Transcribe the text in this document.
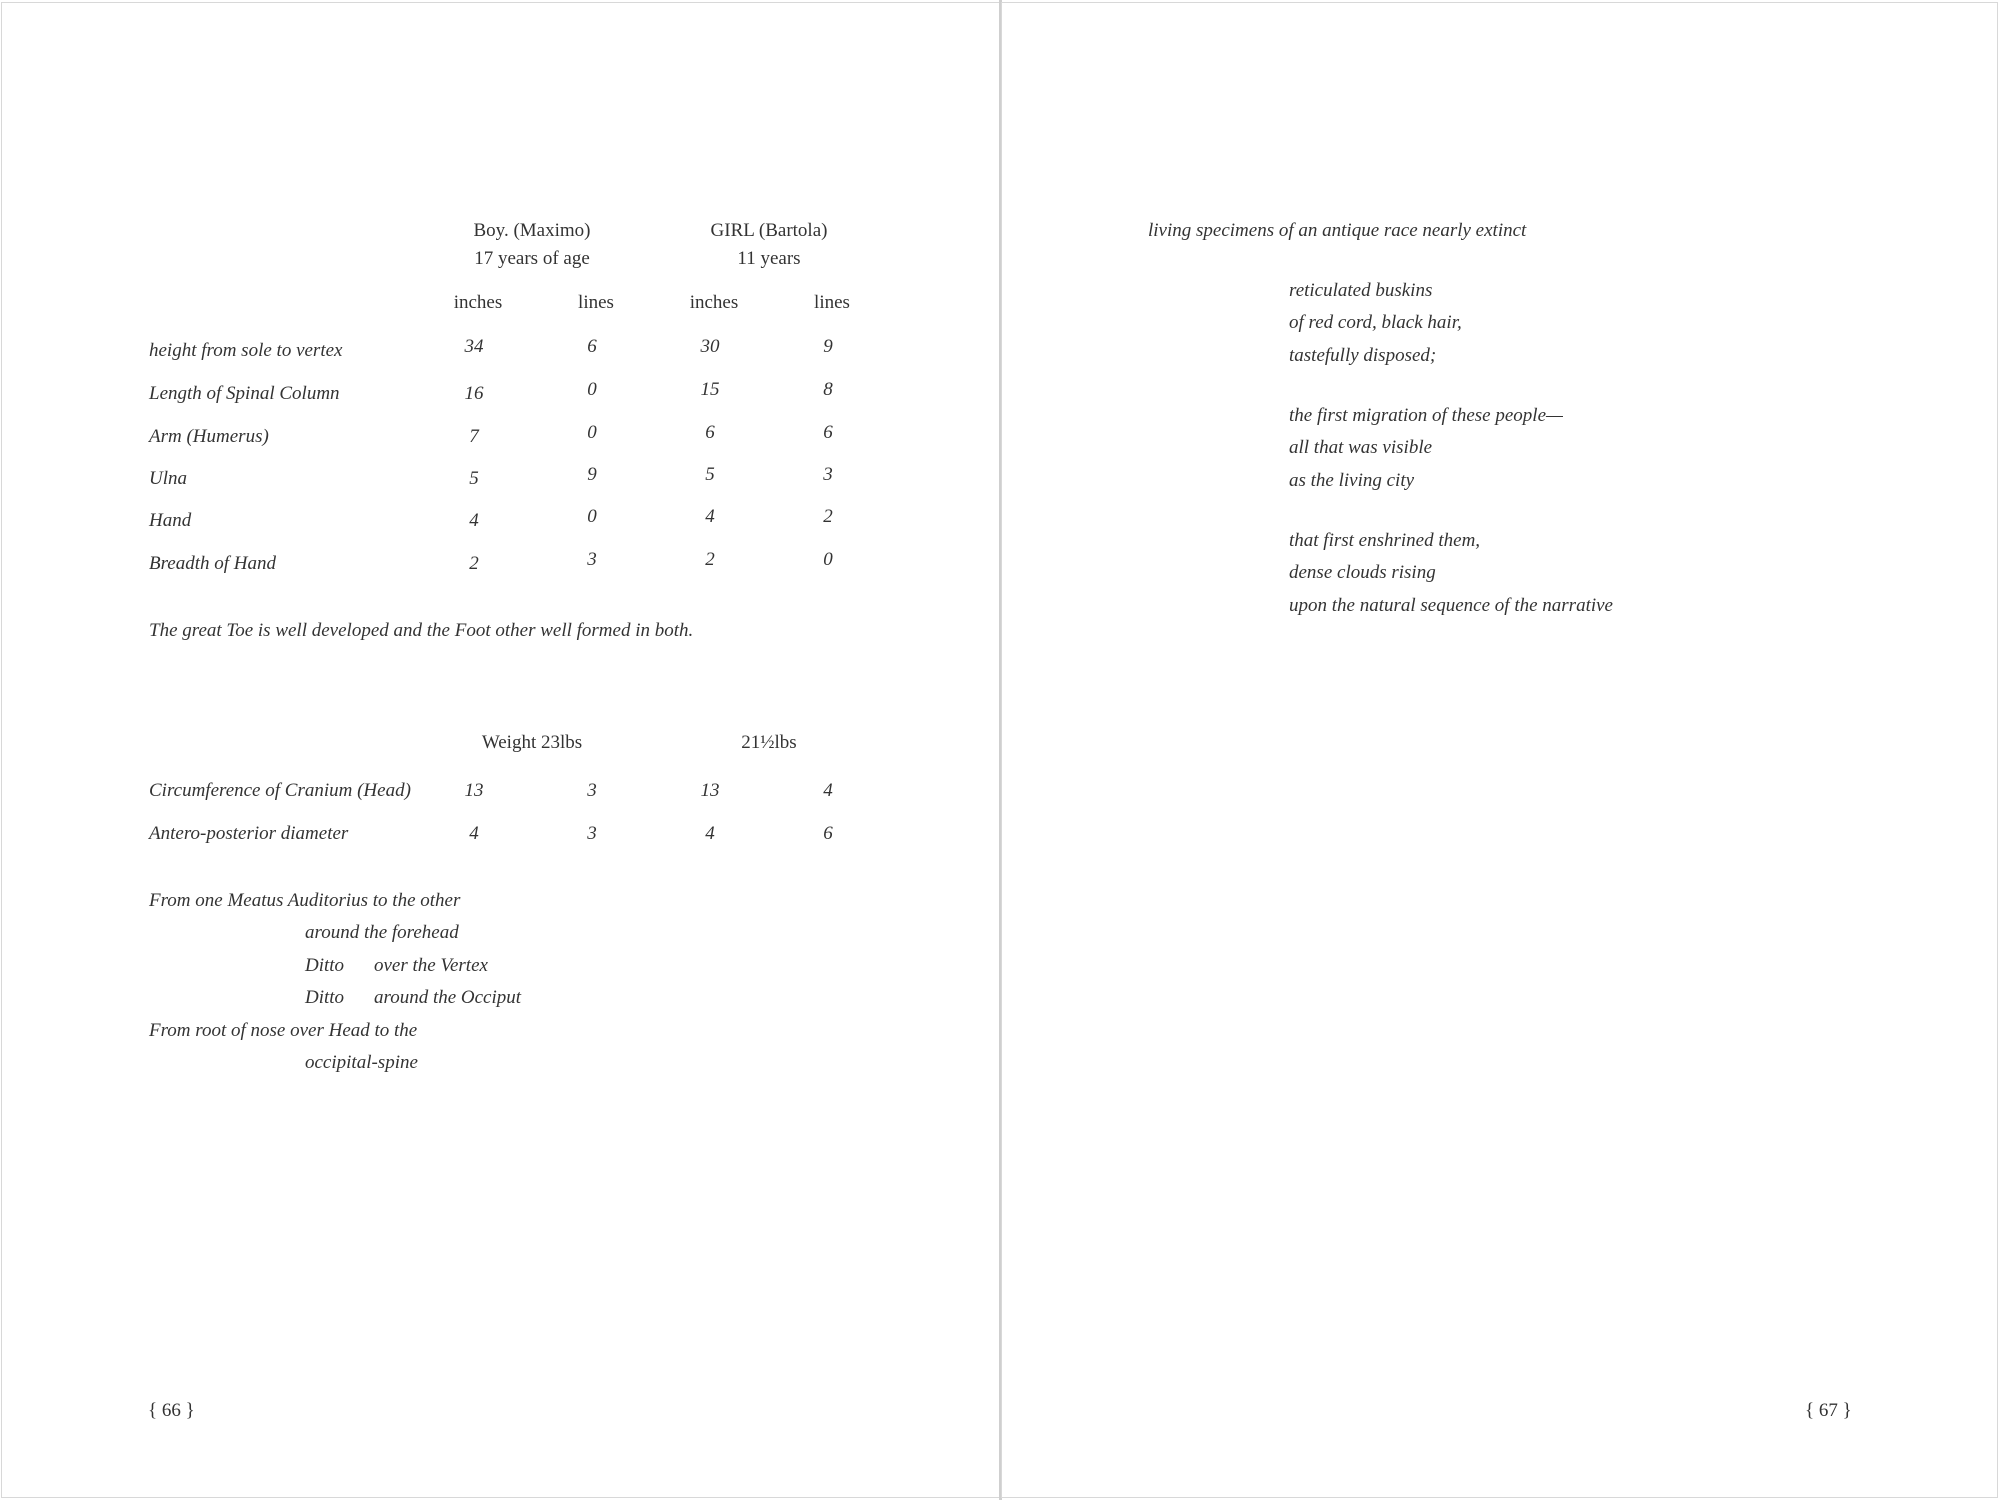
Boy. (Maximo)
17 years of age
GIRL (Bartola)
11 years
inches	lines	inches	lines
height from sole to vertex	34	6	30	9
Length of Spinal Column	16	0	15	8
Arm (Humerus)	7	0	6	6
Ulna	5	9	5	3
Hand	4	0	4	2
Breadth of Hand	2	3	2	0
The great Toe is well developed and the Foot other well formed in both.
Weight 23lbs	21½lbs
Circumference of Cranium (Head)	13	3	13	4
Antero-posterior diameter	4	3	4	6
From one Meatus Auditorius to the other
around the forehead
Ditto over the Vertex
Ditto around the Occiput
From root of nose over Head to the
occipital-spine
{ 66 }
living specimens of an antique race nearly extinct
reticulated buskins
of red cord, black hair,
tastefully disposed;
the first migration of these people—
all that was visible
as the living city
that first enshrined them,
dense clouds rising
upon the natural sequence of the narrative
{ 67 }
